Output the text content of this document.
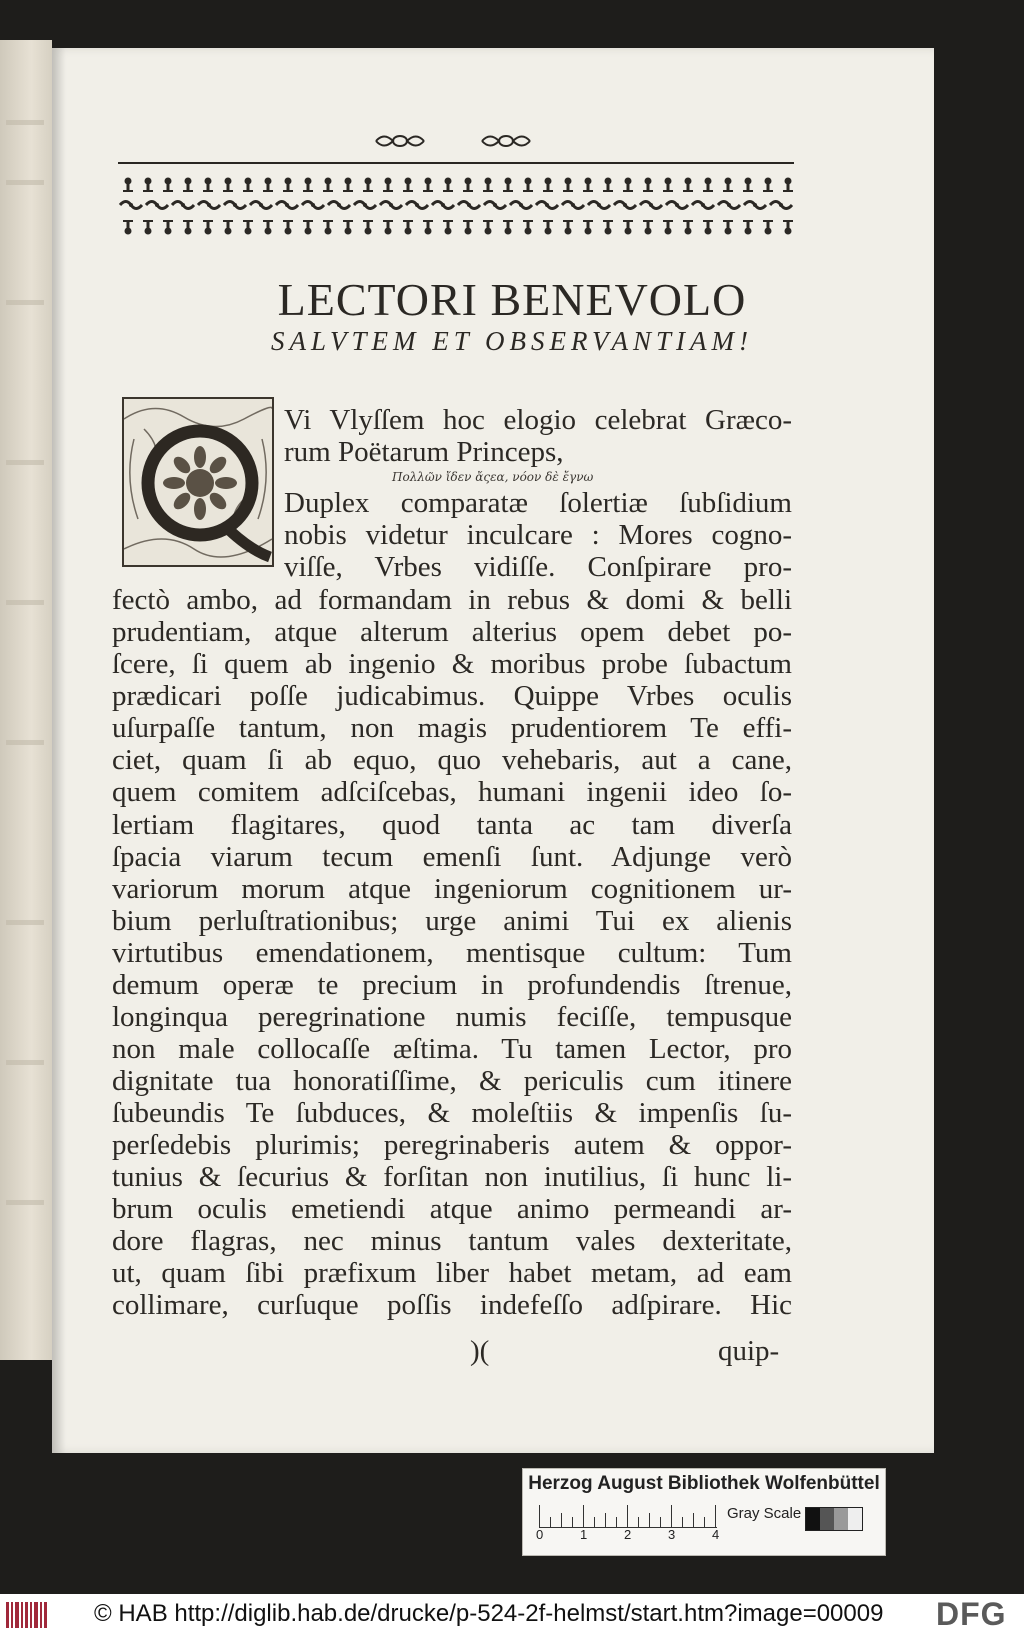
LECTORI BENEVOLO
SALVTEM ET OBSERVANTIAM!
Vi Vlyſſem hoc elogio celebrat Græco-
rum Poëtarum Princeps,
Πολλῶν ἴδεν ἄςεα, νόον δὲ ἔγνω
Duplex comparatæ ſolertiæ ſubſidium
nobis videtur inculcare : Mores cogno-
viſſe, Vrbes vidiſſe. Conſpirare pro-
fectò ambo, ad formandam in rebus & domi & belli
prudentiam, atque alterum alterius opem debet po-
ſcere, ſi quem ab ingenio & moribus probe ſubactum
prædicari poſſe judicabimus. Quippe Vrbes oculis
uſurpaſſe tantum, non magis prudentiorem Te effi-
ciet, quam ſi ab equo, quo vehebaris, aut a cane,
quem comitem adſciſcebas, humani ingenii ideo ſo-
lertiam flagitares, quod tanta ac tam diverſa
ſpacia viarum tecum emenſi ſunt. Adjunge verò
variorum morum atque ingeniorum cognitionem ur-
bium perluſtrationibus; urge animi Tui ex alienis
virtutibus emendationem, mentisque cultum: Tum
demum operæ te precium in profundendis ſtrenue,
longinqua peregrinatione numis feciſſe, tempusque
non male collocaſſe æſtima. Tu tamen Lector, pro
dignitate tua honoratiſſime, & periculis cum itinere
ſubeundis Te ſubduces, & moleſtiis & impenſis ſu-
perſedebis plurimis; peregrinaberis autem & oppor-
tunius & ſecurius & forſitan non inutilius, ſi hunc li-
brum oculis emetiendi atque animo permeandi ar-
dore flagras, nec minus tantum vales dexteritate,
ut, quam ſibi præfixum liber habet metam, ad eam
collimare, curſuque poſſis indefeſſo adſpirare. Hic
)(	quip-
Herzog August Bibliothek Wolfenbüttel
0	1	2	3	4
Gray Scale
© HAB http://diglib.hab.de/drucke/p-524-2f-helmst/start.htm?image=00009 DFG
